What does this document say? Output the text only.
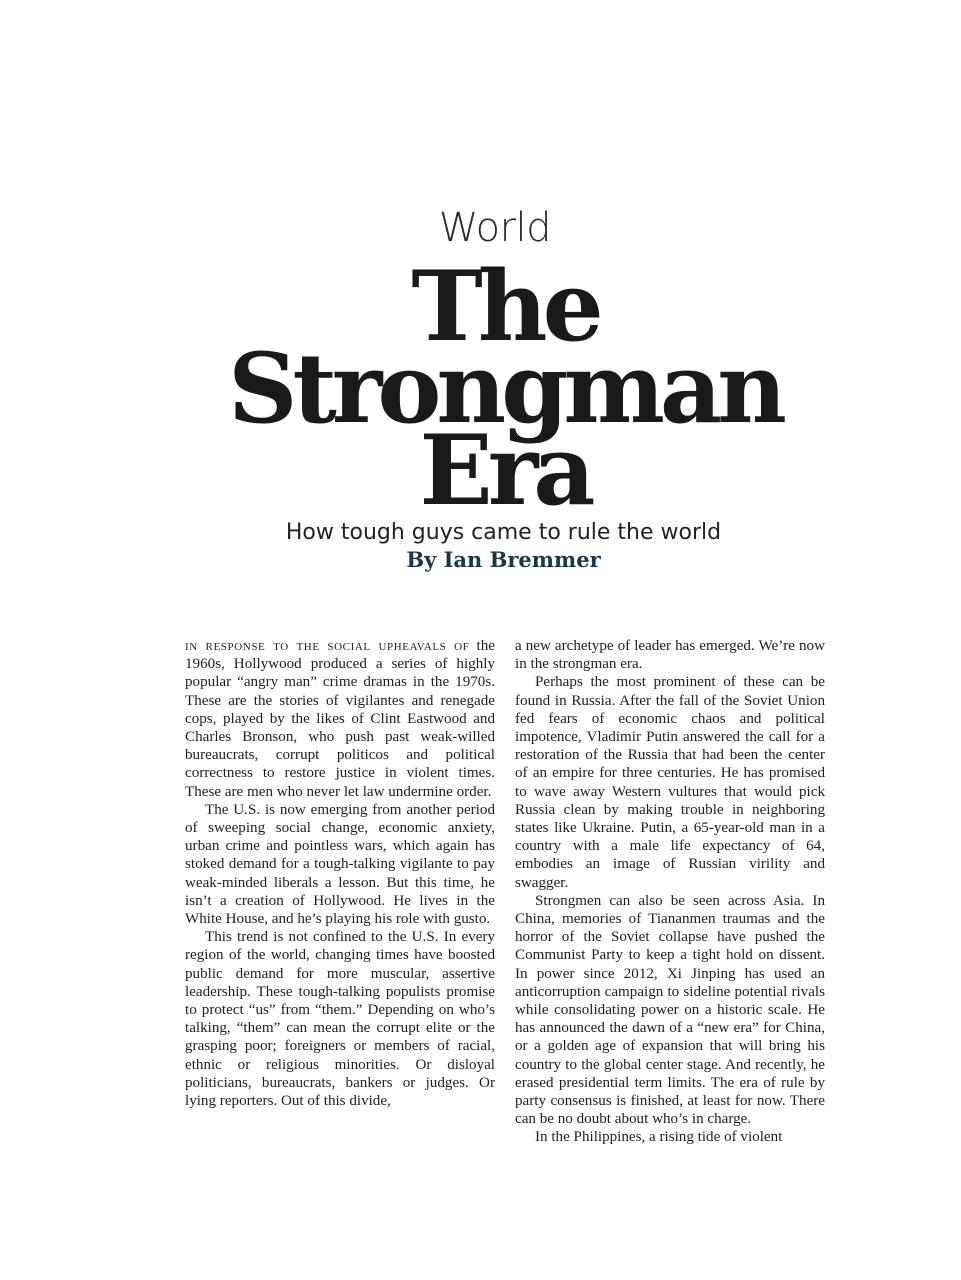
World
The
Strongman
Era
How tough guys came to rule the world
By Ian Bremmer

in response to the social upheavals of the 1960s, Hollywood produced a series of highly popular “angry man” crime dramas in the 1970s. These are the stories of vigilantes and renegade cops, played by the likes of Clint Eastwood and Charles Bronson, who push past weak-willed bureaucrats, corrupt politicos and political correctness to restore justice in violent times. These are men who never let law undermine order.

The U.S. is now emerging from another period of sweeping social change, economic anxiety, urban crime and pointless wars, which again has stoked demand for a tough-talking vigilante to pay weak-minded liberals a lesson. But this time, he isn’t a creation of Hollywood. He lives in the White House, and he’s playing his role with gusto.

This trend is not confined to the U.S. In every region of the world, changing times have boosted public demand for more muscular, assertive leadership. These tough-talking populists promise to protect “us” from “them.” Depending on who’s talking, “them” can mean the corrupt elite or the grasping poor; foreigners or members of racial, ethnic or religious minorities. Or disloyal politicians, bureaucrats, bankers or judges. Or lying reporters. Out of this divide,

a new archetype of leader has emerged. We’re now in the strongman era.

Perhaps the most prominent of these can be found in Russia. After the fall of the Soviet Union fed fears of economic chaos and political impotence, Vladimir Putin answered the call for a restoration of the Russia that had been the center of an empire for three centuries. He has promised to wave away Western vultures that would pick Russia clean by making trouble in neighboring states like Ukraine. Putin, a 65-year-old man in a country with a male life expectancy of 64, embodies an image of Russian virility and swagger.

Strongmen can also be seen across Asia. In China, memories of Tiananmen traumas and the horror of the Soviet collapse have pushed the Communist Party to keep a tight hold on dissent. In power since 2012, Xi Jinping has used an anticorruption campaign to sideline potential rivals while consolidating power on a historic scale. He has announced the dawn of a “new era” for China, or a golden age of expansion that will bring his country to the global center stage. And recently, he erased presidential term limits. The era of rule by party consensus is finished, at least for now. There can be no doubt about who’s in charge.

In the Philippines, a rising tide of violent
